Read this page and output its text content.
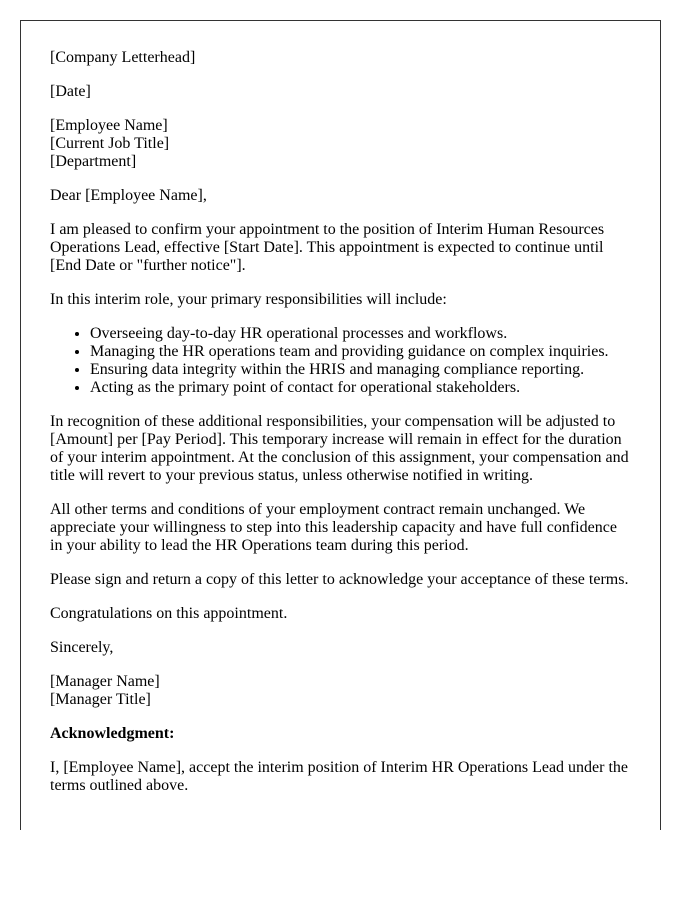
[Company Letterhead]

[Date]

[Employee Name]

[Current Job Title]

[Department]

Dear [Employee Name],

I am pleased to confirm your appointment to the position of Interim Human Resources Operations Lead, effective [Start Date]. This appointment is expected to continue until [End Date or "further notice"].

In this interim role, your primary responsibilities will include:

• Overseeing day-to-day HR operational processes and workflows.
• Managing the HR operations team and providing guidance on complex inquiries.
• Ensuring data integrity within the HRIS and managing compliance reporting.
• Acting as the primary point of contact for operational stakeholders.

In recognition of these additional responsibilities, your compensation will be adjusted to [Amount] per [Pay Period]. This temporary increase will remain in effect for the duration of your interim appointment. At the conclusion of this assignment, your compensation and title will revert to your previous status, unless otherwise notified in writing.

All other terms and conditions of your employment contract remain unchanged. We appreciate your willingness to step into this leadership capacity and have full confidence in your ability to lead the HR Operations team during this period.

Please sign and return a copy of this letter to acknowledge your acceptance of these terms.

Congratulations on this appointment.

Sincerely,

[Manager Name]

[Manager Title]

Acknowledgment:

I, [Employee Name], accept the interim position of Interim HR Operations Lead under the terms outlined above.
